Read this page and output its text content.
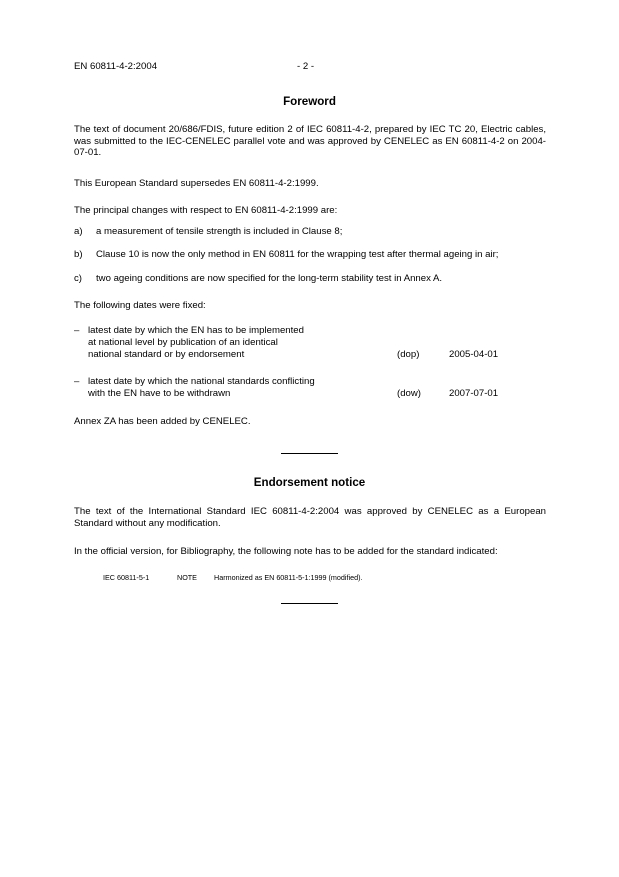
EN 60811-4-2:2004	- 2 -
Foreword
The text of document 20/686/FDIS, future edition 2 of IEC 60811-4-2, prepared by IEC TC 20, Electric cables, was submitted to the IEC-CENELEC parallel vote and was approved by CENELEC as EN 60811-4-2 on 2004-07-01.
This European Standard supersedes EN 60811-4-2:1999.
The principal changes with respect to EN 60811-4-2:1999 are:
a) a measurement of tensile strength is included in Clause 8;
b) Clause 10 is now the only method in EN 60811 for the wrapping test after thermal ageing in air;
c) two ageing conditions are now specified for the long-term stability test in Annex A.
The following dates were fixed:
– latest date by which the EN has to be implemented
at national level by publication of an identical
national standard or by endorsement	(dop)	2005-04-01
– latest date by which the national standards conflicting
with the EN have to be withdrawn	(dow)	2007-07-01
Annex ZA has been added by CENELEC.
Endorsement notice
The text of the International Standard IEC 60811-4-2:2004 was approved by CENELEC as a European Standard without any modification.
In the official version, for Bibliography, the following note has to be added for the standard indicated:
IEC 60811-5-1	NOTE Harmonized as EN 60811-5-1:1999 (modified).
